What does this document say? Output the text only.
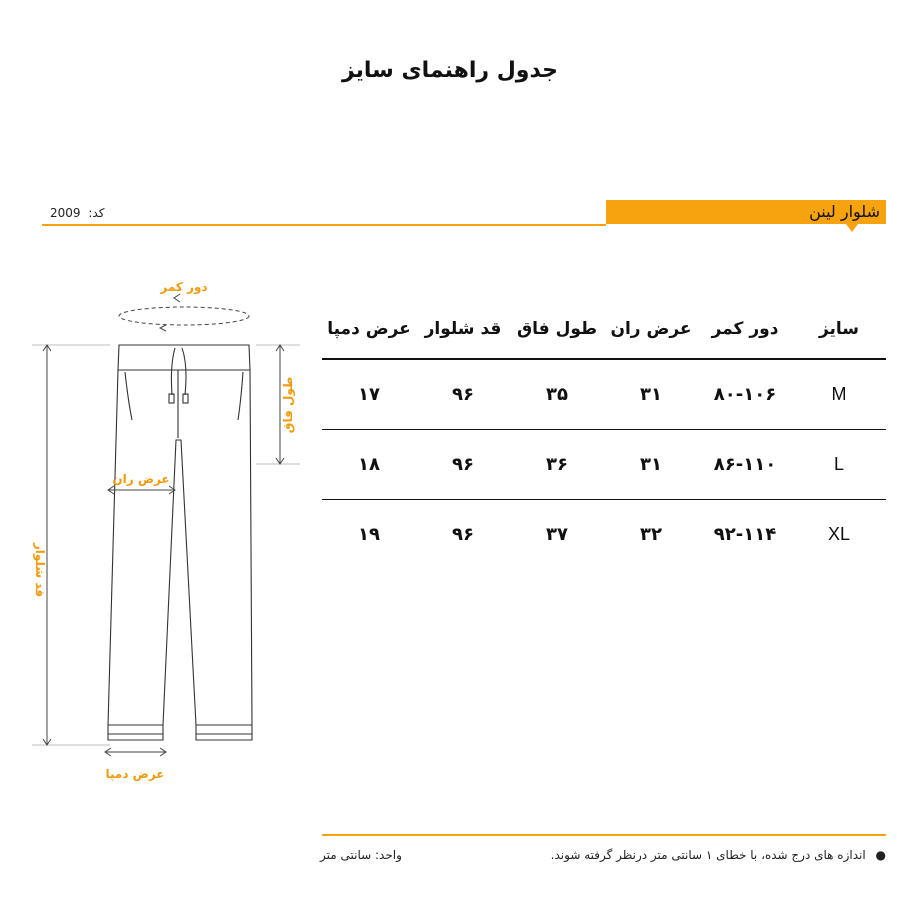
جدول راهنمای سایز
شلوار لینن
کد: 2009
دور کمر
قد شلوار
طول فاق
عرض ران
عرض دمپا
سایز	دور کمر	عرض ران	طول فاق	قد شلوار	عرض دمپا
M	۸۰-۱۰۶	۳۱	۳۵	۹۶	۱۷
L	۸۶-۱۱۰	۳۱	۳۶	۹۶	۱۸
XL	۹۲-۱۱۴	۳۲	۳۷	۹۶	۱۹
● اندازه های درج شده، با خطای ۱ سانتی متر درنظر گرفته شوند.
واحد: سانتی متر
